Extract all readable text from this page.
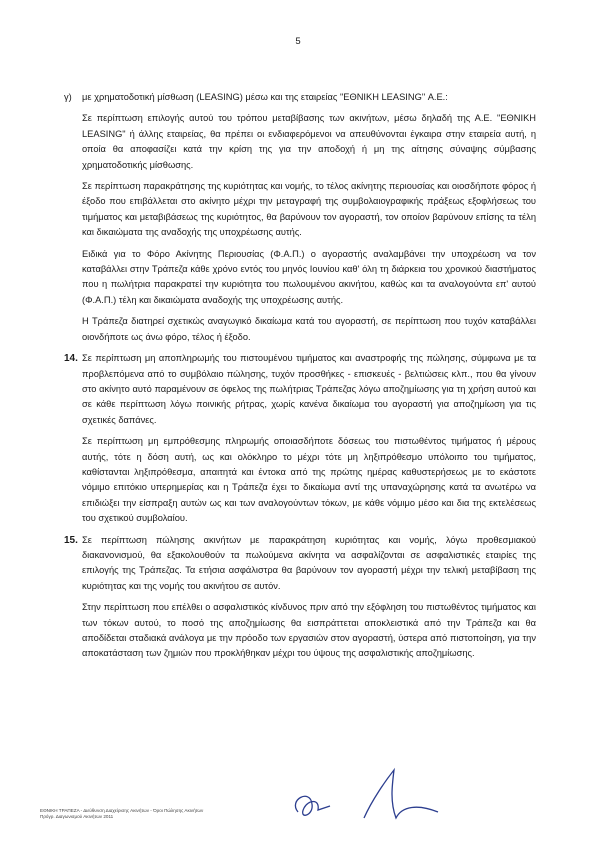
5
γ)	με χρηματοδοτική μίσθωση (LEASING) μέσω και της εταιρείας "ΕΘΝΙΚΗ LEASING" Α.Ε.:

Σε περίπτωση επιλογής αυτού του τρόπου μεταβίβασης των ακινήτων, μέσω δηλαδή της Α.Ε. "ΕΘΝΙΚΗ LEASING" ή άλλης εταιρείας, θα πρέπει οι ενδιαφερόμενοι να απευθύνονται έγκαιρα στην εταιρεία αυτή, η οποία θα αποφασίζει κατά την κρίση της για την αποδοχή ή μη της αίτησης σύναψης σύμβασης χρηματοδοτικής μίσθωσης.

Σε περίπτωση παρακράτησης της κυριότητας και νομής, το τέλος ακίνητης περιουσίας και οιοσδήποτε φόρος ή έξοδο που επιβάλλεται στο ακίνητο μέχρι την μεταγραφή της συμβολαιογραφικής πράξεως εξοφλήσεως του τιμήματος και μεταβιβάσεως της κυριότητος, θα βαρύνουν τον αγοραστή, τον οποίον βαρύνουν επίσης τα τέλη και δικαιώματα της αναδοχής της υποχρέωσης αυτής.

Ειδικά για το Φόρο Ακίνητης Περιουσίας (Φ.Α.Π.) ο αγοραστής αναλαμβάνει την υποχρέωση να τον καταβάλλει στην Τράπεζα κάθε χρόνο εντός του μηνός Ιουνίου καθ' όλη τη διάρκεια του χρονικού διαστήματος που η πωλήτρια παρακρατεί την κυριότητα του πωλουμένου ακινήτου, καθώς και τα αναλογούντα επ' αυτού (Φ.Α.Π.) τέλη και δικαιώματα αναδοχής της υποχρέωσης αυτής.

Η Τράπεζα διατηρεί σχετικώς αναγωγικό δικαίωμα κατά του αγοραστή, σε περίπτωση που τυχόν καταβάλλει οιονδήποτε ως άνω φόρο, τέλος ή έξοδο.

14. Σε περίπτωση μη αποπληρωμής του πιστουμένου τιμήματος και αναστροφής της πώλησης, σύμφωνα με τα προβλεπόμενα από το συμβόλαιο πώλησης, τυχόν προσθήκες - επισκευές - βελτιώσεις κλπ., που θα γίνουν στο ακίνητο αυτό παραμένουν σε όφελος της πωλήτριας Τράπεζας λόγω αποζημίωσης για τη χρήση αυτού και σε κάθε περίπτωση λόγω ποινικής ρήτρας, χωρίς κανένα δικαίωμα του αγοραστή για αποζημίωση για τις σχετικές δαπάνες.

Σε περίπτωση μη εμπρόθεσμης πληρωμής οποιασδήποτε δόσεως του πιστωθέντος τιμήματος ή μέρους αυτής, τότε η δόση αυτή, ως και ολόκληρο το μέχρι τότε μη ληξιπρόθεσμο υπόλοιπο του τιμήματος, καθίστανται ληξιπρόθεσμα, απαιτητά και έντοκα από της πρώτης ημέρας καθυστερήσεως με το εκάστοτε νόμιμο επιτόκιο υπερημερίας και η Τράπεζα έχει το δικαίωμα αντί της υπαναχώρησης κατά τα ανωτέρω να επιδιώξει την είσπραξη αυτών ως και των αναλογούντων τόκων, με κάθε νόμιμο μέσο και δια της εκτελέσεως του σχετικού συμβολαίου.

15. Σε περίπτωση πώλησης ακινήτων με παρακράτηση κυριότητας και νομής, λόγω προθεσμιακού διακανονισμού, θα εξακολουθούν τα πωλούμενα ακίνητα να ασφαλίζονται σε ασφαλιστικές εταιρίες της επιλογής της Τράπεζας. Τα ετήσια ασφάλιστρα θα βαρύνουν τον αγοραστή μέχρι την τελική μεταβίβαση της κυριότητας και της νομής του ακινήτου σε αυτόν.

Στην περίπτωση που επέλθει ο ασφαλιστικός κίνδυνος πριν από την εξόφληση του πιστωθέντος τιμήματος και των τόκων αυτού, το ποσό της αποζημίωσης θα εισπράττεται αποκλειστικά από την Τράπεζα και θα αποδίδεται σταδιακά ανάλογα με την πρόοδο των εργασιών στον αγοραστή, ύστερα από πιστοποίηση, για την αποκατάσταση των ζημιών που προκλήθηκαν μέχρι του ύψους της ασφαλιστικής αποζημίωσης.

ΕΘΝΙΚΗ ΤΡΑΠΕΖΑ - Διεύθυνση Διαχείρισης Ακινήτων - Όροι Πώλησης Ακινήτων
Πρόγρ. Διαγωνισμού Ακινήτων 2011
